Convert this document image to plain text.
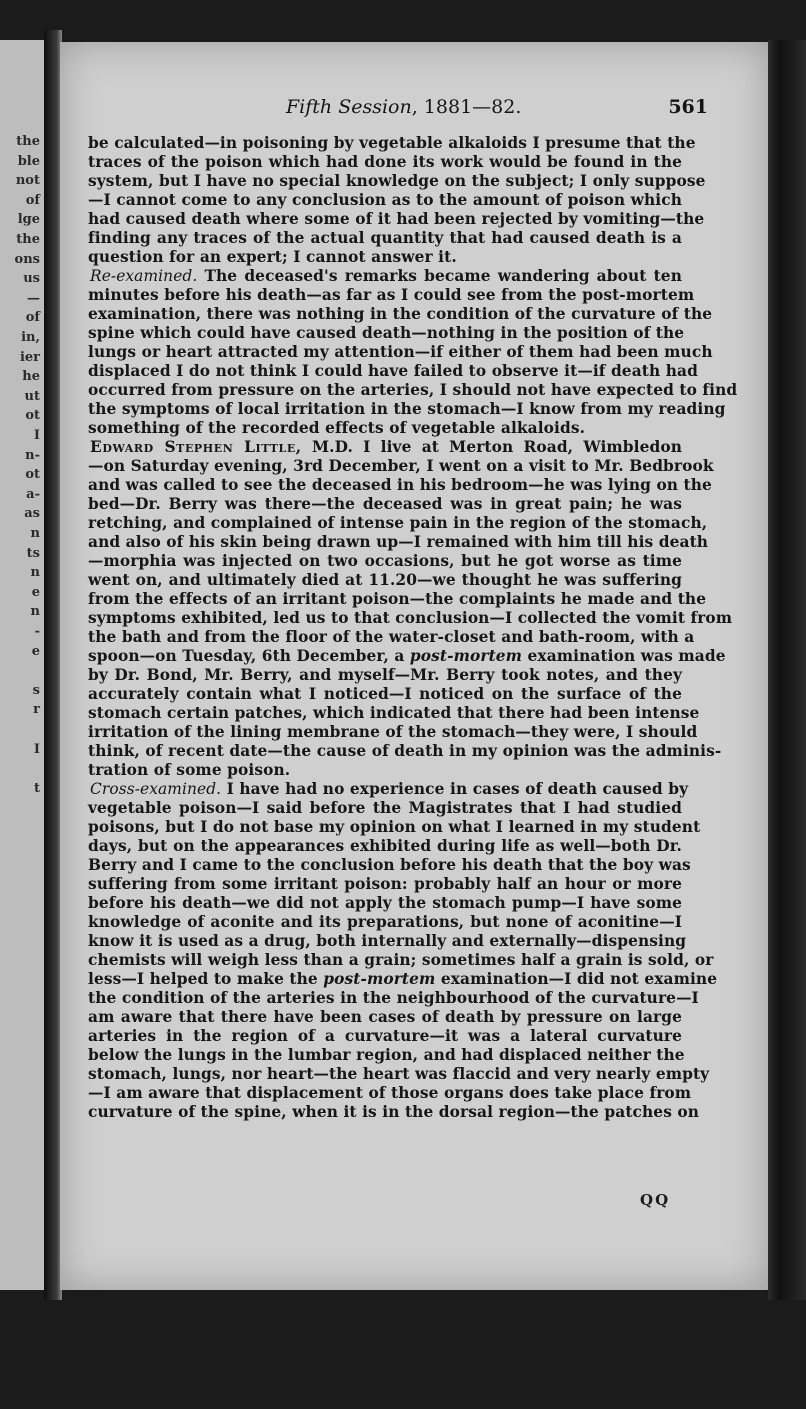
the
ble
not
of
lge
the
ons
us
—
of
in,
ier
he
ut
ot
I
n-
ot
a-
as
n
ts
n
e
n
-
e
s
r
I
t
Fifth Session, 1881—82.	561
be calculated—in poisoning by vegetable alkaloids I presume that the
traces of the poison which had done its work would be found in the
system, but I have no special knowledge on the subject; I only suppose
—I cannot come to any conclusion as to the amount of poison which
had caused death where some of it had been rejected by vomiting—the
finding any traces of the actual quantity that had caused death is a
question for an expert; I cannot answer it.
Re-examined. The deceased's remarks became wandering about ten
minutes before his death—as far as I could see from the post-mortem
examination, there was nothing in the condition of the curvature of the
spine which could have caused death—nothing in the position of the
lungs or heart attracted my attention—if either of them had been much
displaced I do not think I could have failed to observe it—if death had
occurred from pressure on the arteries, I should not have expected to find
the symptoms of local irritation in the stomach—I know from my reading
something of the recorded effects of vegetable alkaloids.
Edward Stephen Little, M.D. I live at Merton Road, Wimbledon
—on Saturday evening, 3rd December, I went on a visit to Mr. Bedbrook
and was called to see the deceased in his bedroom—he was lying on the
bed—Dr. Berry was there—the deceased was in great pain; he was
retching, and complained of intense pain in the region of the stomach,
and also of his skin being drawn up—I remained with him till his death
—morphia was injected on two occasions, but he got worse as time
went on, and ultimately died at 11.20—we thought he was suffering
from the effects of an irritant poison—the complaints he made and the
symptoms exhibited, led us to that conclusion—I collected the vomit from
the bath and from the floor of the water-closet and bath-room, with a
spoon—on Tuesday, 6th December, a post-mortem examination was made
by Dr. Bond, Mr. Berry, and myself—Mr. Berry took notes, and they
accurately contain what I noticed—I noticed on the surface of the
stomach certain patches, which indicated that there had been intense
irritation of the lining membrane of the stomach—they were, I should
think, of recent date—the cause of death in my opinion was the adminis-
tration of some poison.
Cross-examined. I have had no experience in cases of death caused by
vegetable poison—I said before the Magistrates that I had studied
poisons, but I do not base my opinion on what I learned in my student
days, but on the appearances exhibited during life as well—both Dr.
Berry and I came to the conclusion before his death that the boy was
suffering from some irritant poison: probably half an hour or more
before his death—we did not apply the stomach pump—I have some
knowledge of aconite and its preparations, but none of aconitine—I
know it is used as a drug, both internally and externally—dispensing
chemists will weigh less than a grain; sometimes half a grain is sold, or
less—I helped to make the post-mortem examination—I did not examine
the condition of the arteries in the neighbourhood of the curvature—I
am aware that there have been cases of death by pressure on large
arteries in the region of a curvature—it was a lateral curvature
below the lungs in the lumbar region, and had displaced neither the
stomach, lungs, nor heart—the heart was flaccid and very nearly empty
—I am aware that displacement of those organs does take place from
curvature of the spine, when it is in the dorsal region—the patches on
QQ
